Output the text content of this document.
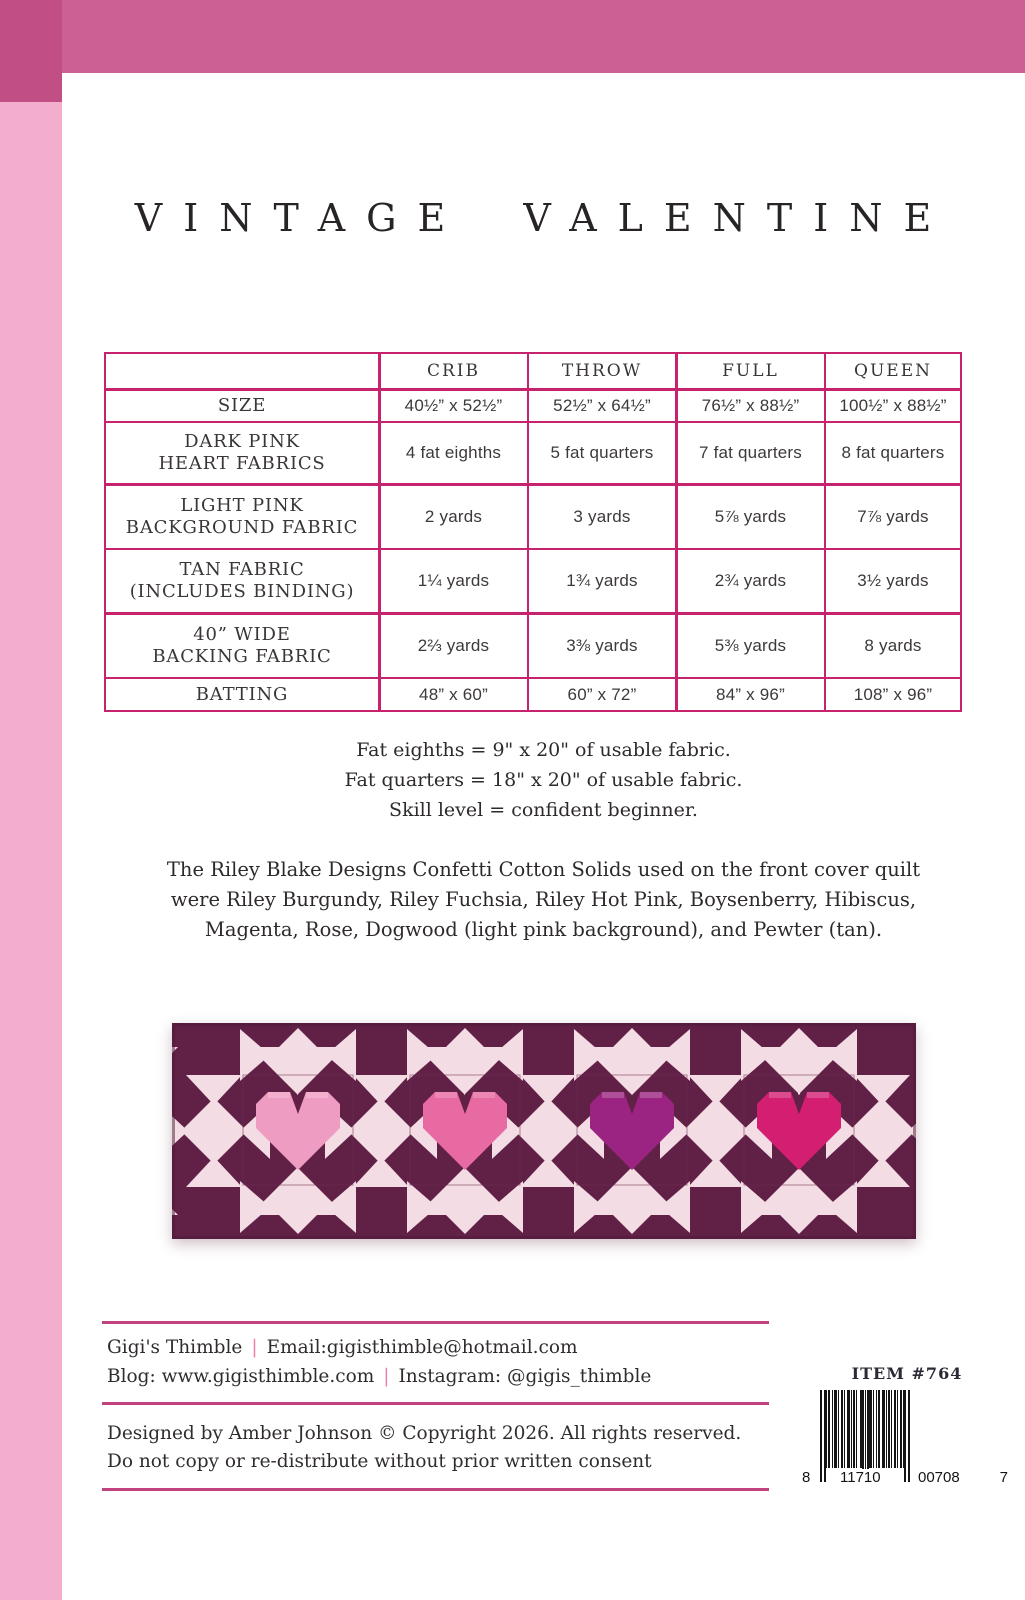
VINTAGE VALENTINE
CRIB	THROW	FULL	QUEEN
SIZE	40½” x 52½”	52½” x 64½”	76½” x 88½”	100½” x 88½”
DARK PINK
HEART FABRICS
4 fat eighths	5 fat quarters	7 fat quarters	8 fat quarters
LIGHT PINK
BACKGROUND FABRIC
2 yards	3 yards	5⅞ yards	7⅞ yards
TAN FABRIC
(INCLUDES BINDING)
1¼ yards	1¾ yards	2¾ yards	3½ yards
40” WIDE
BACKING FABRIC
2⅔ yards	3⅜ yards	5⅜ yards	8 yards
BATTING	48” x 60”	60” x 72”	84” x 96”	108” x 96”
Fat eighths = 9" x 20" of usable fabric.
Fat quarters = 18" x 20" of usable fabric.
Skill level = confident beginner.
The Riley Blake Designs Confetti Cotton Solids used on the front cover quilt
were Riley Burgundy, Riley Fuchsia, Riley Hot Pink, Boysenberry, Hibiscus,
Magenta, Rose, Dogwood (light pink background), and Pewter (tan).
Gigi's Thimble | Email:gigisthimble@hotmail.com
Blog: www.gigisthimble.com | Instagram: @gigis_thimble
Designed by Amber Johnson © Copyright 2026. All rights reserved.
Do not copy or re-distribute without prior written consent
ITEM #764
8 11710 00708	7
